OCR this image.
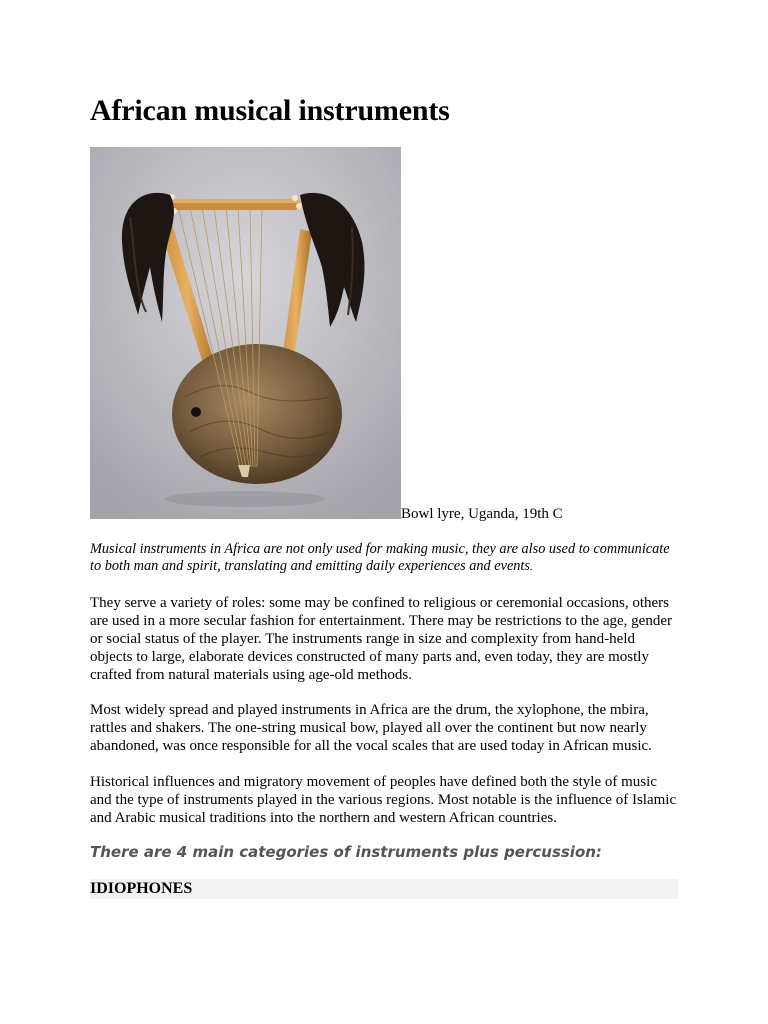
African musical instruments
Bowl lyre, Uganda, 19th C

Musical instruments in Africa are not only used for making music, they are also used to communicate to both man and spirit, translating and emitting daily experiences and events.

They serve a variety of roles: some may be confined to religious or ceremonial occasions, others are used in a more secular fashion for entertainment. There may be restrictions to the age, gender or social status of the player. The instruments range in size and complexity from hand-held objects to large, elaborate devices constructed of many parts and, even today, they are mostly crafted from natural materials using age-old methods.

Most widely spread and played instruments in Africa are the drum, the xylophone, the mbira, rattles and shakers. The one-string musical bow, played all over the continent but now nearly abandoned, was once responsible for all the vocal scales that are used today in African music.

Historical influences and migratory movement of peoples have defined both the style of music and the type of instruments played in the various regions. Most notable is the influence of Islamic and Arabic musical traditions into the northern and western African countries.

There are 4 main categories of instruments plus percussion:
IDIOPHONES
